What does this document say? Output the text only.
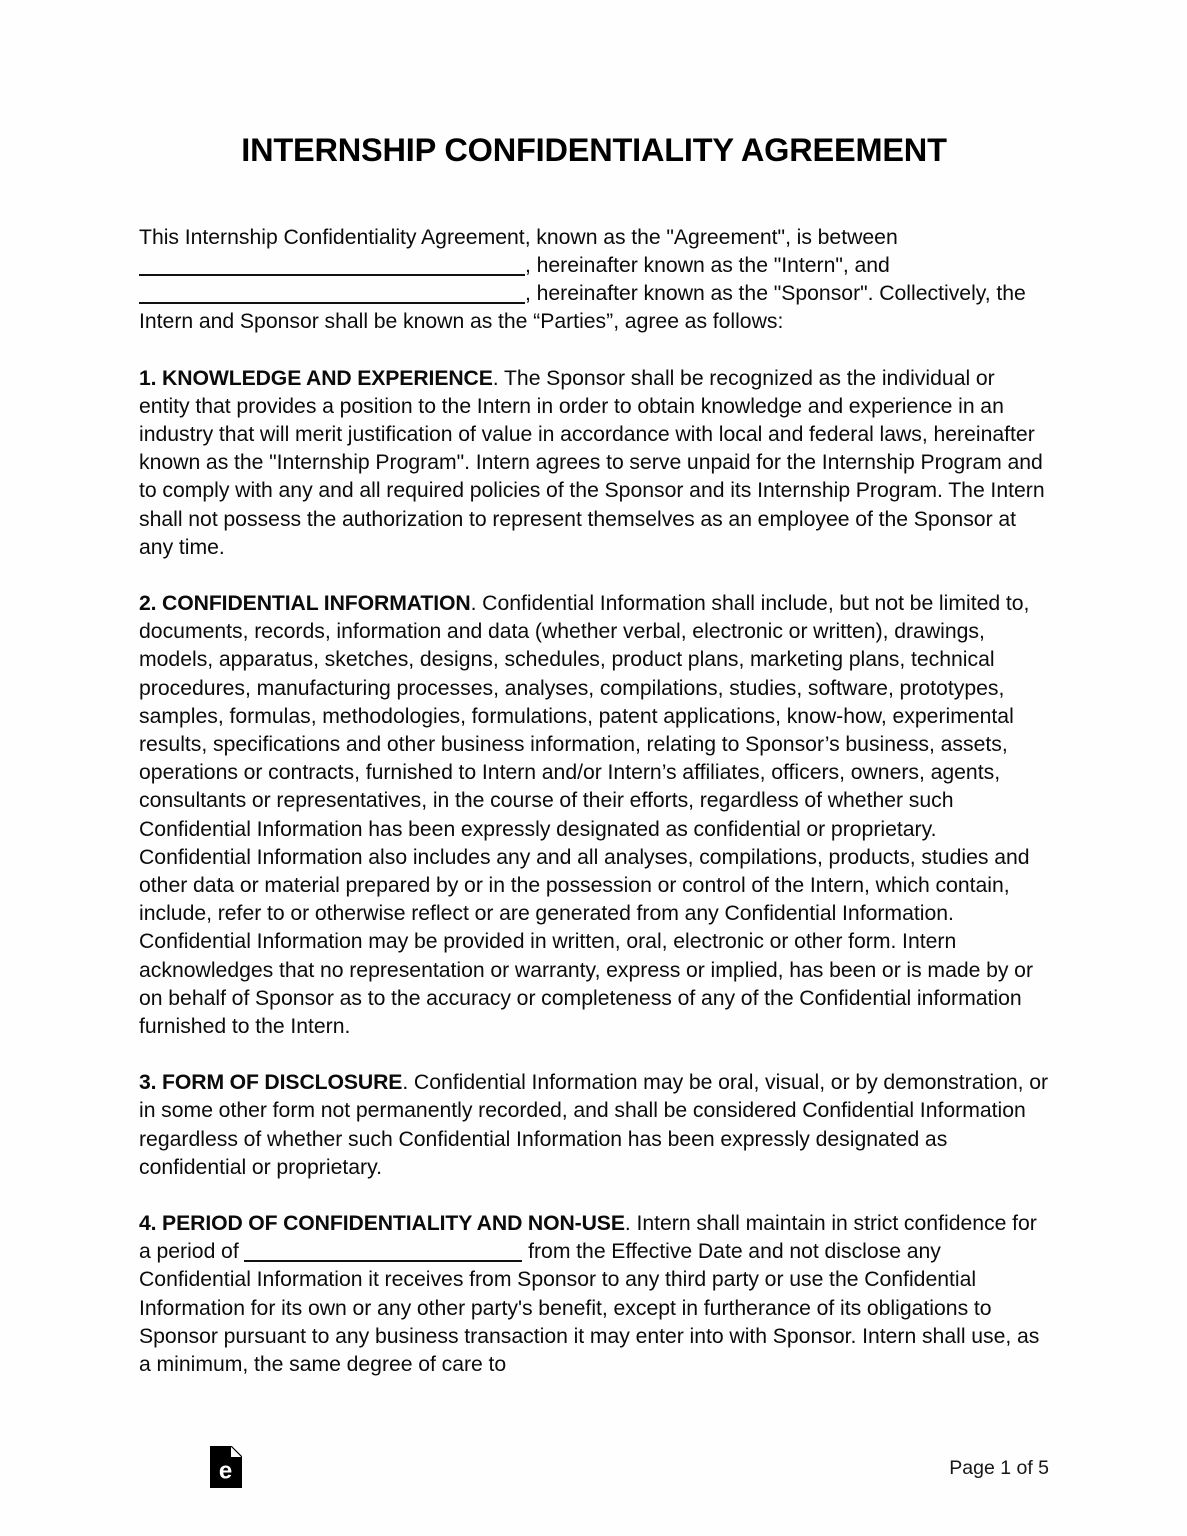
INTERNSHIP CONFIDENTIALITY AGREEMENT

This Internship Confidentiality Agreement, known as the "Agreement", is between
, hereinafter known as the "Intern", and
, hereinafter known as the "Sponsor". Collectively, the Intern and Sponsor shall be known as the “Parties”, agree as follows:

1. KNOWLEDGE AND EXPERIENCE. The Sponsor shall be recognized as the individual or entity that provides a position to the Intern in order to obtain knowledge and experience in an industry that will merit justification of value in accordance with local and federal laws, hereinafter known as the "Internship Program". Intern agrees to serve unpaid for the Internship Program and to comply with any and all required policies of the Sponsor and its Internship Program. The Intern shall not possess the authorization to represent themselves as an employee of the Sponsor at any time.

2. CONFIDENTIAL INFORMATION. Confidential Information shall include, but not be limited to, documents, records, information and data (whether verbal, electronic or written), drawings, models, apparatus, sketches, designs, schedules, product plans, marketing plans, technical procedures, manufacturing processes, analyses, compilations, studies, software, prototypes, samples, formulas, methodologies, formulations, patent applications, know-how, experimental results, specifications and other business information, relating to Sponsor’s business, assets, operations or contracts, furnished to Intern and/or Intern’s affiliates, officers, owners, agents, consultants or representatives, in the course of their efforts, regardless of whether such Confidential Information has been expressly designated as confidential or proprietary. Confidential Information also includes any and all analyses, compilations, products, studies and other data or material prepared by or in the possession or control of the Intern, which contain, include, refer to or otherwise reflect or are generated from any Confidential Information. Confidential Information may be provided in written, oral, electronic or other form. Intern acknowledges that no representation or warranty, express or implied, has been or is made by or on behalf of Sponsor as to the accuracy or completeness of any of the Confidential information furnished to the Intern.

3. FORM OF DISCLOSURE. Confidential Information may be oral, visual, or by demonstration, or in some other form not permanently recorded, and shall be considered Confidential Information regardless of whether such Confidential Information has been expressly designated as confidential or proprietary.

4. PERIOD OF CONFIDENTIALITY AND NON-USE. Intern shall maintain in strict confidence for a period of	from the Effective Date and not disclose any Confidential Information it receives from Sponsor to any third party or use the Confidential Information for its own or any other party's benefit, except in furtherance of its obligations to Sponsor pursuant to any business transaction it may enter into with Sponsor. Intern shall use, as a minimum, the same degree of care to

e	Page 1 of 5
